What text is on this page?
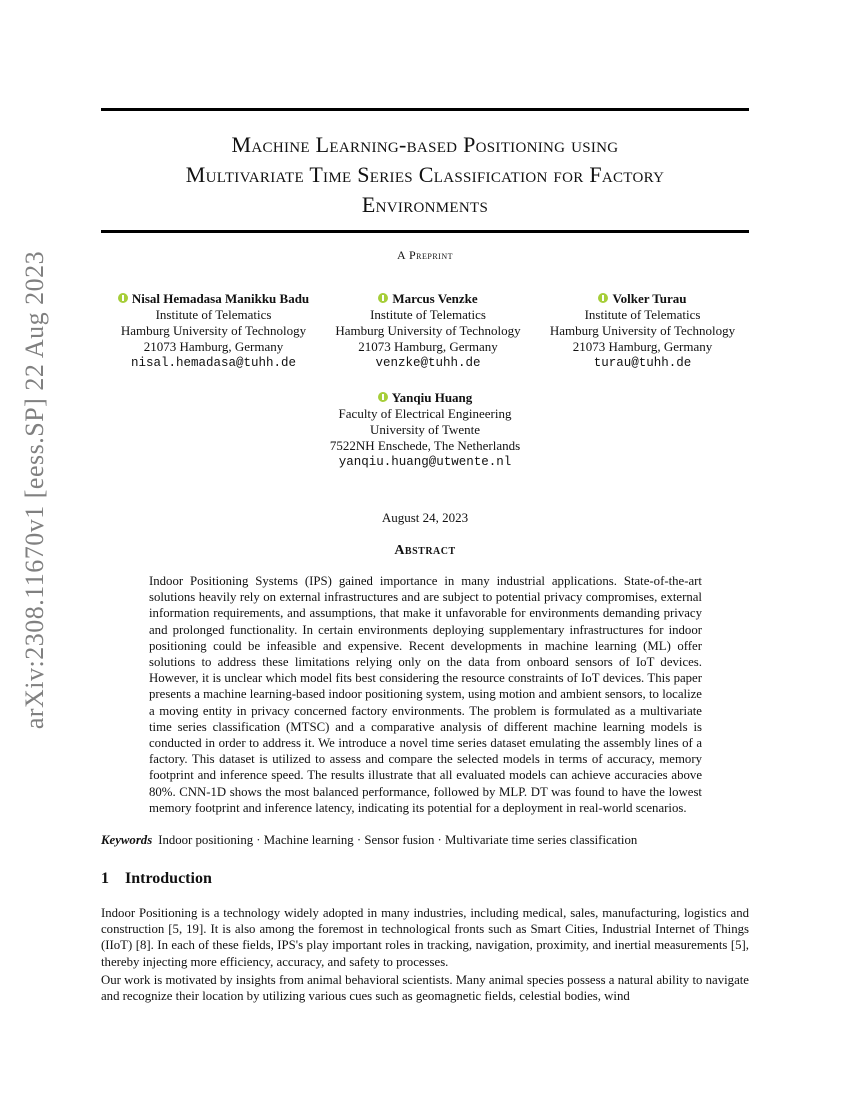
arXiv:2308.11670v1 [eess.SP] 22 Aug 2023
Machine Learning-based Positioning using
Multivariate Time Series Classification for Factory
Environments
A Preprint
Nisal Hemadasa Manikku Badu
Institute of Telematics
Hamburg University of Technology
21073 Hamburg, Germany
nisal.hemadasa@tuhh.de
Marcus Venzke
Institute of Telematics
Hamburg University of Technology
21073 Hamburg, Germany
venzke@tuhh.de
Volker Turau
Institute of Telematics
Hamburg University of Technology
21073 Hamburg, Germany
turau@tuhh.de
Yanqiu Huang
Faculty of Electrical Engineering
University of Twente
7522NH Enschede, The Netherlands
yanqiu.huang@utwente.nl
August 24, 2023
Abstract
Indoor Positioning Systems (IPS) gained importance in many industrial applications. State-of-the-art solutions heavily rely on external infrastructures and are subject to potential privacy compromises, external information requirements, and assumptions, that make it unfavorable for environments demanding privacy and prolonged functionality. In certain environments deploying supplementary infrastructures for indoor positioning could be infeasible and expensive. Recent developments in machine learning (ML) offer solutions to address these limitations relying only on the data from onboard sensors of IoT devices. However, it is unclear which model fits best considering the resource constraints of IoT devices. This paper presents a machine learning-based indoor positioning system, using motion and ambient sensors, to localize a moving entity in privacy concerned factory environments. The problem is formulated as a multivariate time series classification (MTSC) and a comparative analysis of different machine learning models is conducted in order to address it. We introduce a novel time series dataset emulating the assembly lines of a factory. This dataset is utilized to assess and compare the selected models in terms of accuracy, memory footprint and inference speed. The results illustrate that all evaluated models can achieve accuracies above 80%. CNN-1D shows the most balanced performance, followed by MLP. DT was found to have the lowest memory footprint and inference latency, indicating its potential for a deployment in real-world scenarios.
Keywords Indoor positioning · Machine learning · Sensor fusion · Multivariate time series classification
1 Introduction
Indoor Positioning is a technology widely adopted in many industries, including medical, sales, manufacturing, logistics and construction [5, 19]. It is also among the foremost in technological fronts such as Smart Cities, Industrial Internet of Things (IIoT) [8]. In each of these fields, IPS's play important roles in tracking, navigation, proximity, and inertial measurements [5], thereby injecting more efficiency, accuracy, and safety to processes.
Our work is motivated by insights from animal behavioral scientists. Many animal species possess a natural ability to navigate and recognize their location by utilizing various cues such as geomagnetic fields, celestial bodies, wind
